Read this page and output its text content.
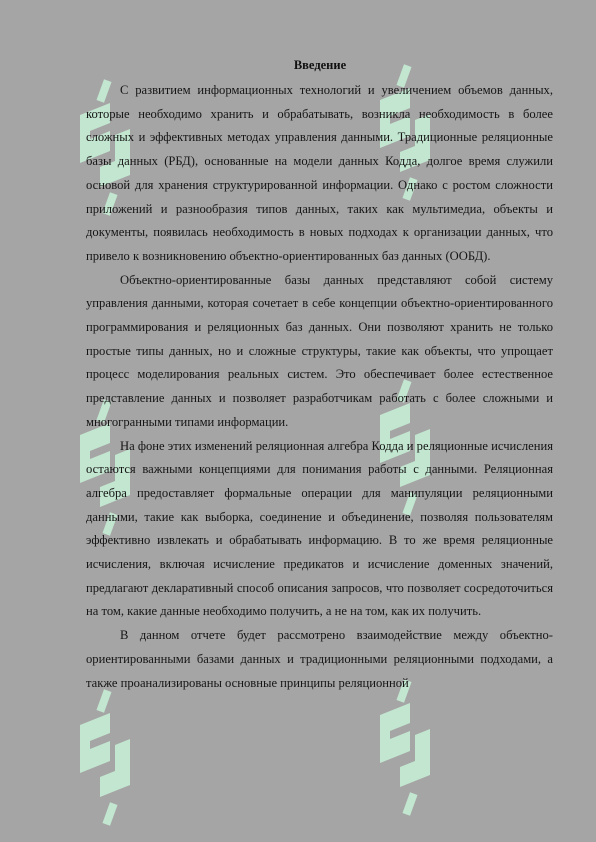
Введение

С развитием информационных технологий и увеличением объемов данных, которые необходимо хранить и обрабатывать, возникла необходимость в более сложных и эффективных методах управления данными. Традиционные реляционные базы данных (РБД), основанные на модели данных Кодда, долгое время служили основой для хранения структурированной информации. Однако с ростом сложности приложений и разнообразия типов данных, таких как мультимедиа, объекты и документы, появилась необходимость в новых подходах к организации данных, что привело к возникновению объектно-ориентированных баз данных (ООБД).

Объектно-ориентированные базы данных представляют собой систему управления данными, которая сочетает в себе концепции объектно-ориентированного программирования и реляционных баз данных. Они позволяют хранить не только простые типы данных, но и сложные структуры, такие как объекты, что упрощает процесс моделирования реальных систем. Это обеспечивает более естественное представление данных и позволяет разработчикам работать с более сложными и многогранными типами информации.

На фоне этих изменений реляционная алгебра Кодда и реляционные исчисления остаются важными концепциями для понимания работы с данными. Реляционная алгебра предоставляет формальные операции для манипуляции реляционными данными, такие как выборка, соединение и объединение, позволяя пользователям эффективно извлекать и обрабатывать информацию. В то же время реляционные исчисления, включая исчисление предикатов и исчисление доменных значений, предлагают декларативный способ описания запросов, что позволяет сосредоточиться на том, какие данные необходимо получить, а не на том, как их получить.

В данном отчете будет рассмотрено взаимодействие между объектно-ориентированными базами данных и традиционными реляционными подходами, а также проанализированы основные принципы реляционной
